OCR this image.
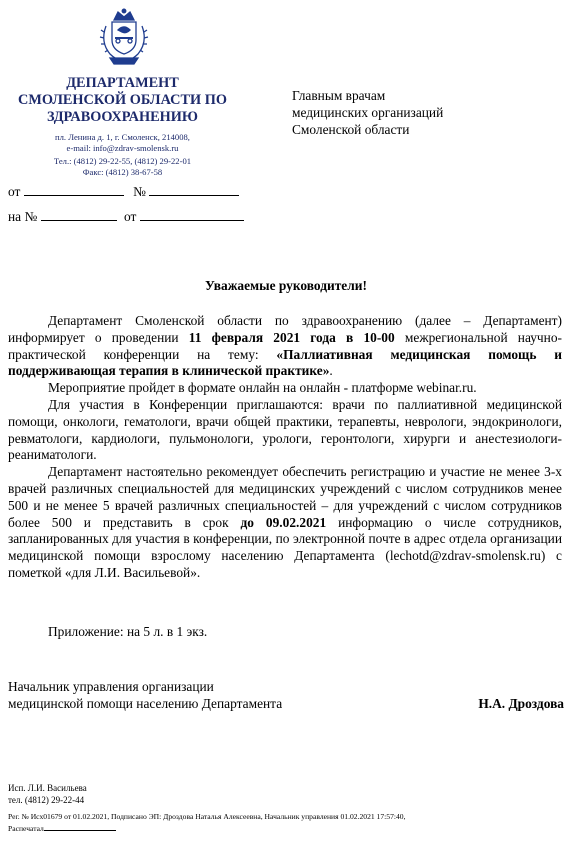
ДЕПАРТАМЕНТ
СМОЛЕНСКОЙ ОБЛАСТИ ПО
ЗДРАВООХРАНЕНИЮ
пл. Ленина д. 1, г. Смоленск, 214008,
e-mail: info@zdrav-smolensk.ru
Тел.: (4812) 29-22-55, (4812) 29-22-01
Факс: (4812) 38-67-58
от	№
на №	от
Главным врачам
медицинских организаций
Смоленской области
Уважаемые руководители!
Департамент Смоленской области по здравоохранению (далее – Департамент) информирует о проведении 11 февраля 2021 года в 10-00 межрегиональной научно-практической конференции на тему: «Паллиативная медицинская помощь и поддерживающая терапия в клинической практике».
Мероприятие пройдет в формате онлайн на онлайн - платформе webinar.ru.
Для участия в Конференции приглашаются: врачи по паллиативной медицинской помощи, онкологи, гематологи, врачи общей практики, терапевты, неврологи, эндокринологи, ревматологи, кардиологи, пульмонологи, урологи, геронтологи, хирурги и анестезиологи-реаниматологи.
Департамент настоятельно рекомендует обеспечить регистрацию и участие не менее 3-х врачей различных специальностей для медицинских учреждений с числом сотрудников менее 500 и не менее 5 врачей различных специальностей – для учреждений с числом сотрудников более 500 и представить в срок до 09.02.2021 информацию о числе сотрудников, запланированных для участия в конференции, по электронной почте в адрес отдела организации медицинской помощи взрослому населению Департамента (lechotd@zdrav-smolensk.ru) с пометкой «для Л.И. Васильевой».
Приложение: на 5 л. в 1 экз.
Начальник управления организации
медицинской помощи населению Департамента	Н.А. Дроздова
Исп. Л.И. Васильева
тел. (4812) 29-22-44
Рег. № Исх01679 от 01.02.2021, Подписано ЭП: Дроздова Наталья Алексеевна, Начальник управления 01.02.2021 17:57:40,
Распечатал
